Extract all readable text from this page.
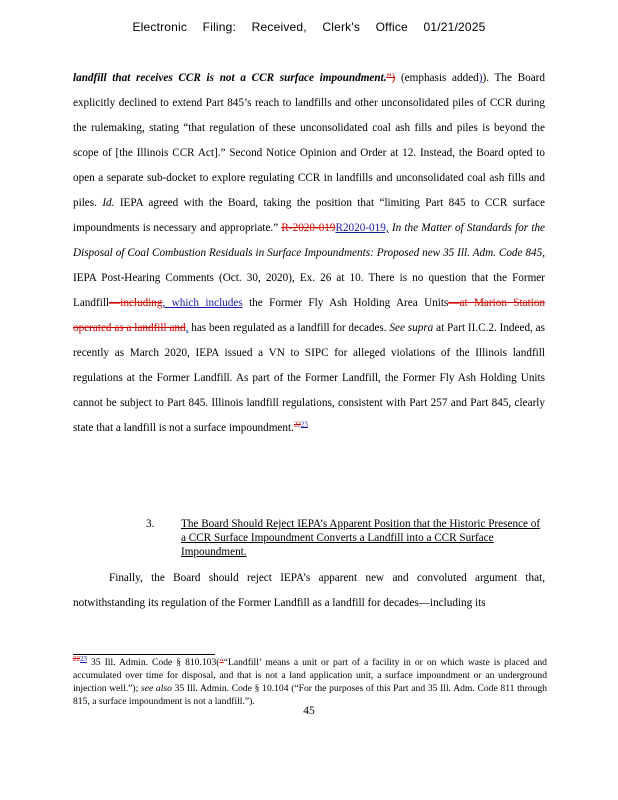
Electronic Filing: Received, Clerk's Office 01/21/2025
landfill that receives CCR is not a CCR surface impoundment.”) (emphasis added)). The Board explicitly declined to extend Part 845’s reach to landfills and other unconsolidated piles of CCR during the rulemaking, stating “that regulation of these unconsolidated coal ash fills and piles is beyond the scope of [the Illinois CCR Act].” Second Notice Opinion and Order at 12. Instead, the Board opted to open a separate sub-docket to explore regulating CCR in landfills and unconsolidated coal ash fills and piles. Id. IEPA agreed with the Board, taking the position that “limiting Part 845 to CCR surface impoundments is necessary and appropriate.” R-2020-019R2020-019, In the Matter of Standards for the Disposal of Coal Combustion Residuals in Surface Impoundments: Proposed new 35 Ill. Adm. Code 845, IEPA Post-Hearing Comments (Oct. 30, 2020), Ex. 26 at 10. There is no question that the Former Landfill—including, which includes the Former Fly Ash Holding Area Units—at Marion Station operated as a landfill and, has been regulated as a landfill for decades. See supra at Part II.C.2. Indeed, as recently as March 2020, IEPA issued a VN to SIPC for alleged violations of the Illinois landfill regulations at the Former Landfill. As part of the Former Landfill, the Former Fly Ash Holding Units cannot be subject to Part 845. Illinois landfill regulations, consistent with Part 257 and Part 845, clearly state that a landfill is not a surface impoundment.$^{2223}$
3. The Board Should Reject IEPA’s Apparent Position that the Historic Presence of a CCR Surface Impoundment Converts a Landfill into a CCR Surface Impoundment.
Finally, the Board should reject IEPA’s apparent new and convoluted argument that, notwithstanding its regulation of the Former Landfill as a landfill for decades—including its
$^{2223}$ 35 Ill. Admin. Code § 810.103(““Landfill’ means a unit or part of a facility in or on which waste is placed and accumulated over time for disposal, and that is not a land application unit, a surface impoundment or an underground injection well.”); see also 35 Ill. Admin. Code § 10.104 (“For the purposes of this Part and 35 Ill. Adm. Code 811 through 815, a surface impoundment is not a landfill.”).
45
